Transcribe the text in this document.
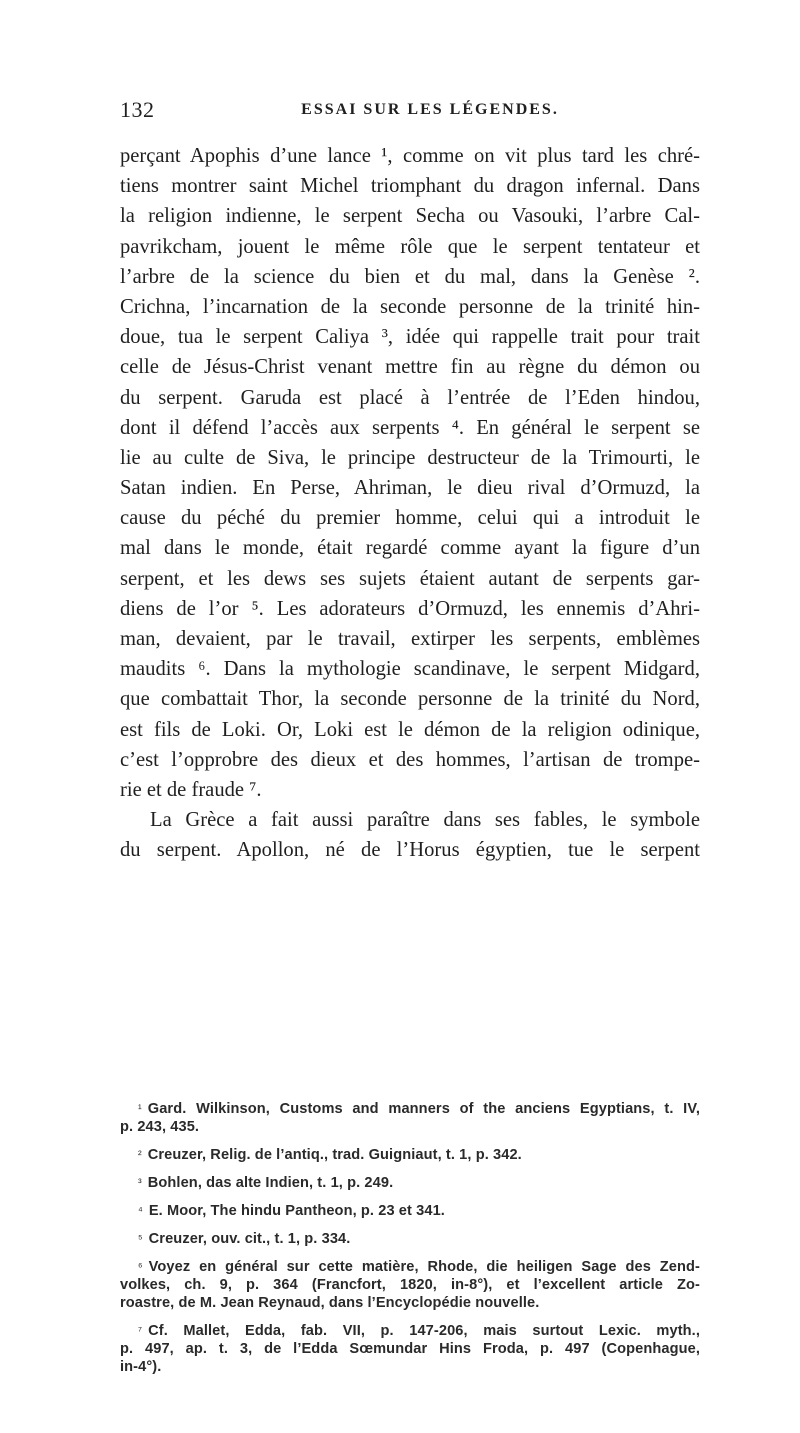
132	ESSAI SUR LES LÉGENDES.
perçant Apophis d’une lance ¹, comme on vit plus tard les chré-
tiens montrer saint Michel triomphant du dragon infernal. Dans
la religion indienne, le serpent Secha ou Vasouki, l’arbre Cal-
pavrikcham, jouent le même rôle que le serpent tentateur et
l’arbre de la science du bien et du mal, dans la Genèse ².
Crichna, l’incarnation de la seconde personne de la trinité hin-
doue, tua le serpent Caliya ³, idée qui rappelle trait pour trait
celle de Jésus-Christ venant mettre fin au règne du démon ou
du serpent. Garuda est placé à l’entrée de l’Eden hindou,
dont il défend l’accès aux serpents ⁴. En général le serpent se
lie au culte de Siva, le principe destructeur de la Trimourti, le
Satan indien. En Perse, Ahriman, le dieu rival d’Ormuzd, la
cause du péché du premier homme, celui qui a introduit le
mal dans le monde, était regardé comme ayant la figure d’un
serpent, et les dews ses sujets étaient autant de serpents gar-
diens de l’or ⁵. Les adorateurs d’Ormuzd, les ennemis d’Ahri-
man, devaient, par le travail, extirper les serpents, emblèmes
maudits ⁶. Dans la mythologie scandinave, le serpent Midgard,
que combattait Thor, la seconde personne de la trinité du Nord,
est fils de Loki. Or, Loki est le démon de la religion odinique,
c’est l’opprobre des dieux et des hommes, l’artisan de trompe-
rie et de fraude ⁷.
La Grèce a fait aussi paraître dans ses fables, le symbole
du serpent. Apollon, né de l’Horus égyptien, tue le serpent
¹ Gard. Wilkinson, Customs and manners of the anciens Egyptians, t. IV,
p. 243, 435.
² Creuzer, Relig. de l’antiq., trad. Guigniaut, t. 1, p. 342.
³ Bohlen, das alte Indien, t. 1, p. 249.
⁴ E. Moor, The hindu Pantheon, p. 23 et 341.
⁵ Creuzer, ouv. cit., t. 1, p. 334.
⁶ Voyez en général sur cette matière, Rhode, die heiligen Sage des Zend-
volkes, ch. 9, p. 364 (Francfort, 1820, in-8°), et l’excellent article Zo-
roastre, de M. Jean Reynaud, dans l’Encyclopédie nouvelle.
⁷ Cf. Mallet, Edda, fab. VII, p. 147-206, mais surtout Lexic. myth.,
p. 497, ap. t. 3, de l’Edda Sœmundar Hins Froda, p. 497 (Copenhague,
in-4°).
